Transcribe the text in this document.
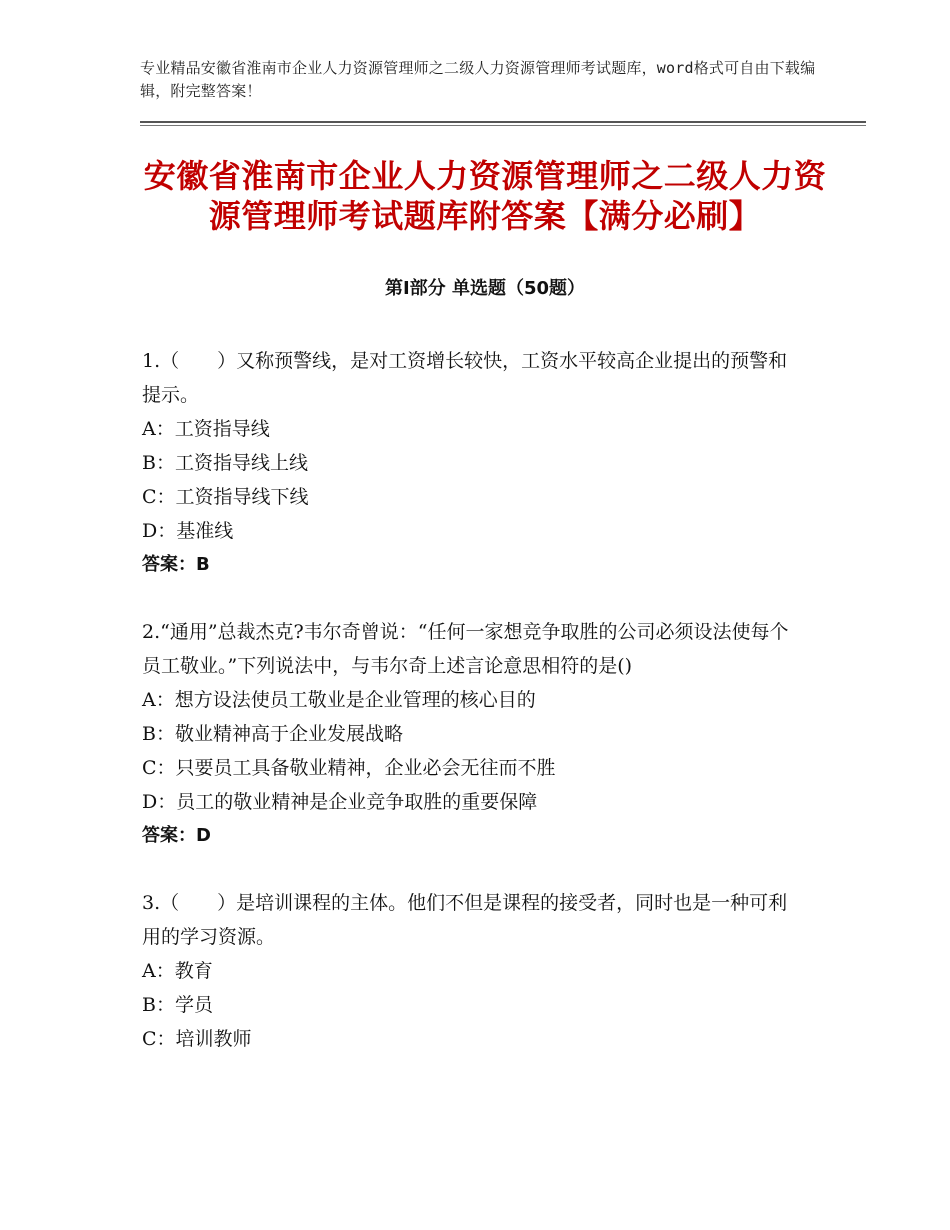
专业精品安徽省淮南市企业人力资源管理师之二级人力资源管理师考试题库，word格式可自由下载编辑，附完整答案！
安徽省淮南市企业人力资源管理师之二级人力资源管理师考试题库附答案【满分必刷】
第Ⅰ部分 单选题（50题）
1.（　　）又称预警线，是对工资增长较快，工资水平较高企业提出的预警和提示。
A：工资指导线
B：工资指导线上线
C：工资指导线下线
D：基准线
答案：B
2.“通用”总裁杰克?韦尔奇曾说：“任何一家想竞争取胜的公司必须设法使每个员工敬业。”下列说法中，与韦尔奇上述言论意思相符的是()
A：想方设法使员工敬业是企业管理的核心目的
B：敬业精神高于企业发展战略
C：只要员工具备敬业精神，企业必会无往而不胜
D：员工的敬业精神是企业竞争取胜的重要保障
答案：D
3.（　　）是培训课程的主体。他们不但是课程的接受者，同时也是一种可利用的学习资源。
A：教育
B：学员
C：培训教师
